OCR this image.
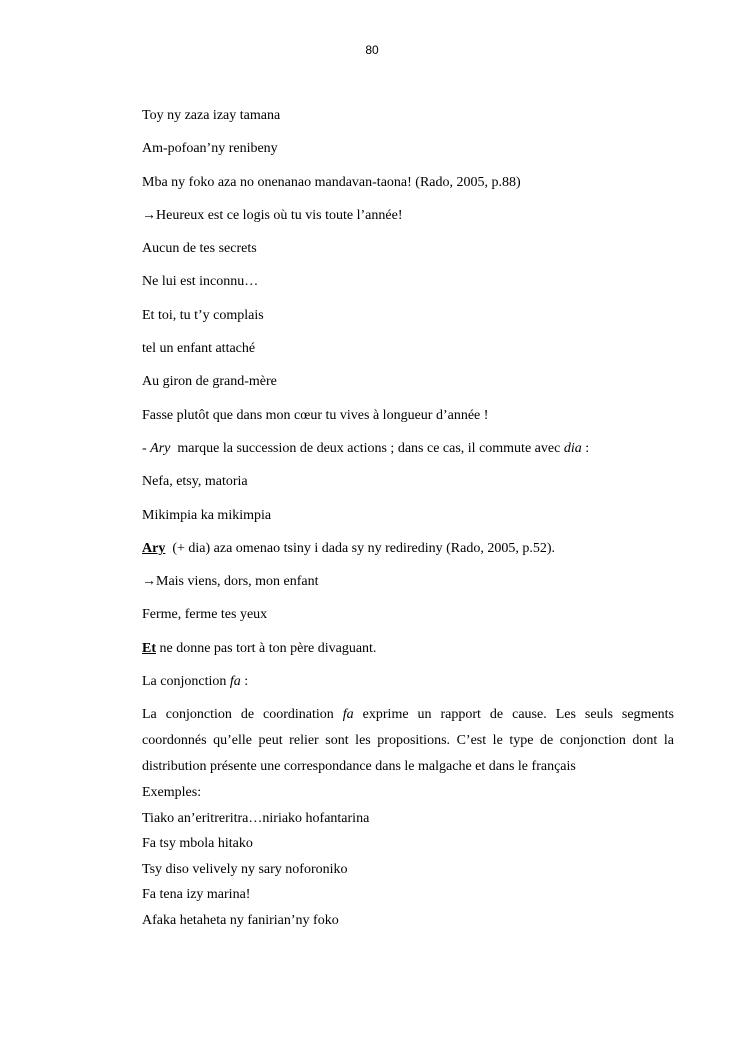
80
Toy ny zaza izay tamana
Am-pofoan’ny renibeny
Mba ny foko aza no onenanao mandavan-taona! (Rado, 2005, p.88)
→Heureux est ce logis où tu vis toute l’année!
Aucun de tes secrets
Ne lui est inconnu…
Et toi, tu t’y complais
tel un enfant attaché
Au giron de grand-mère
Fasse plutôt que dans mon cœur tu vives à longueur d’année !
- Ary  marque la succession de deux actions ; dans ce cas, il commute avec dia :
Nefa, etsy, matoria
Mikimpia ka mikimpia
Ary  (+ dia) aza omenao tsiny i dada sy ny redirediny (Rado, 2005, p.52).
→Mais viens, dors, mon enfant
Ferme, ferme tes yeux
Et ne donne pas tort à ton père divaguant.
La conjonction fa :
La conjonction de coordination fa exprime un rapport de cause. Les seuls segments coordonnés qu’elle peut relier sont les propositions. C’est le type de conjonction dont la distribution présente une correspondance dans le malgache et dans le français
Exemples:
Tiako an’eritreritra…niriako hofantarina
Fa tsy mbola hitako
Tsy diso velively ny sary noforoniko
Fa tena izy marina!
Afaka hetaheta ny fanirian’ny foko
